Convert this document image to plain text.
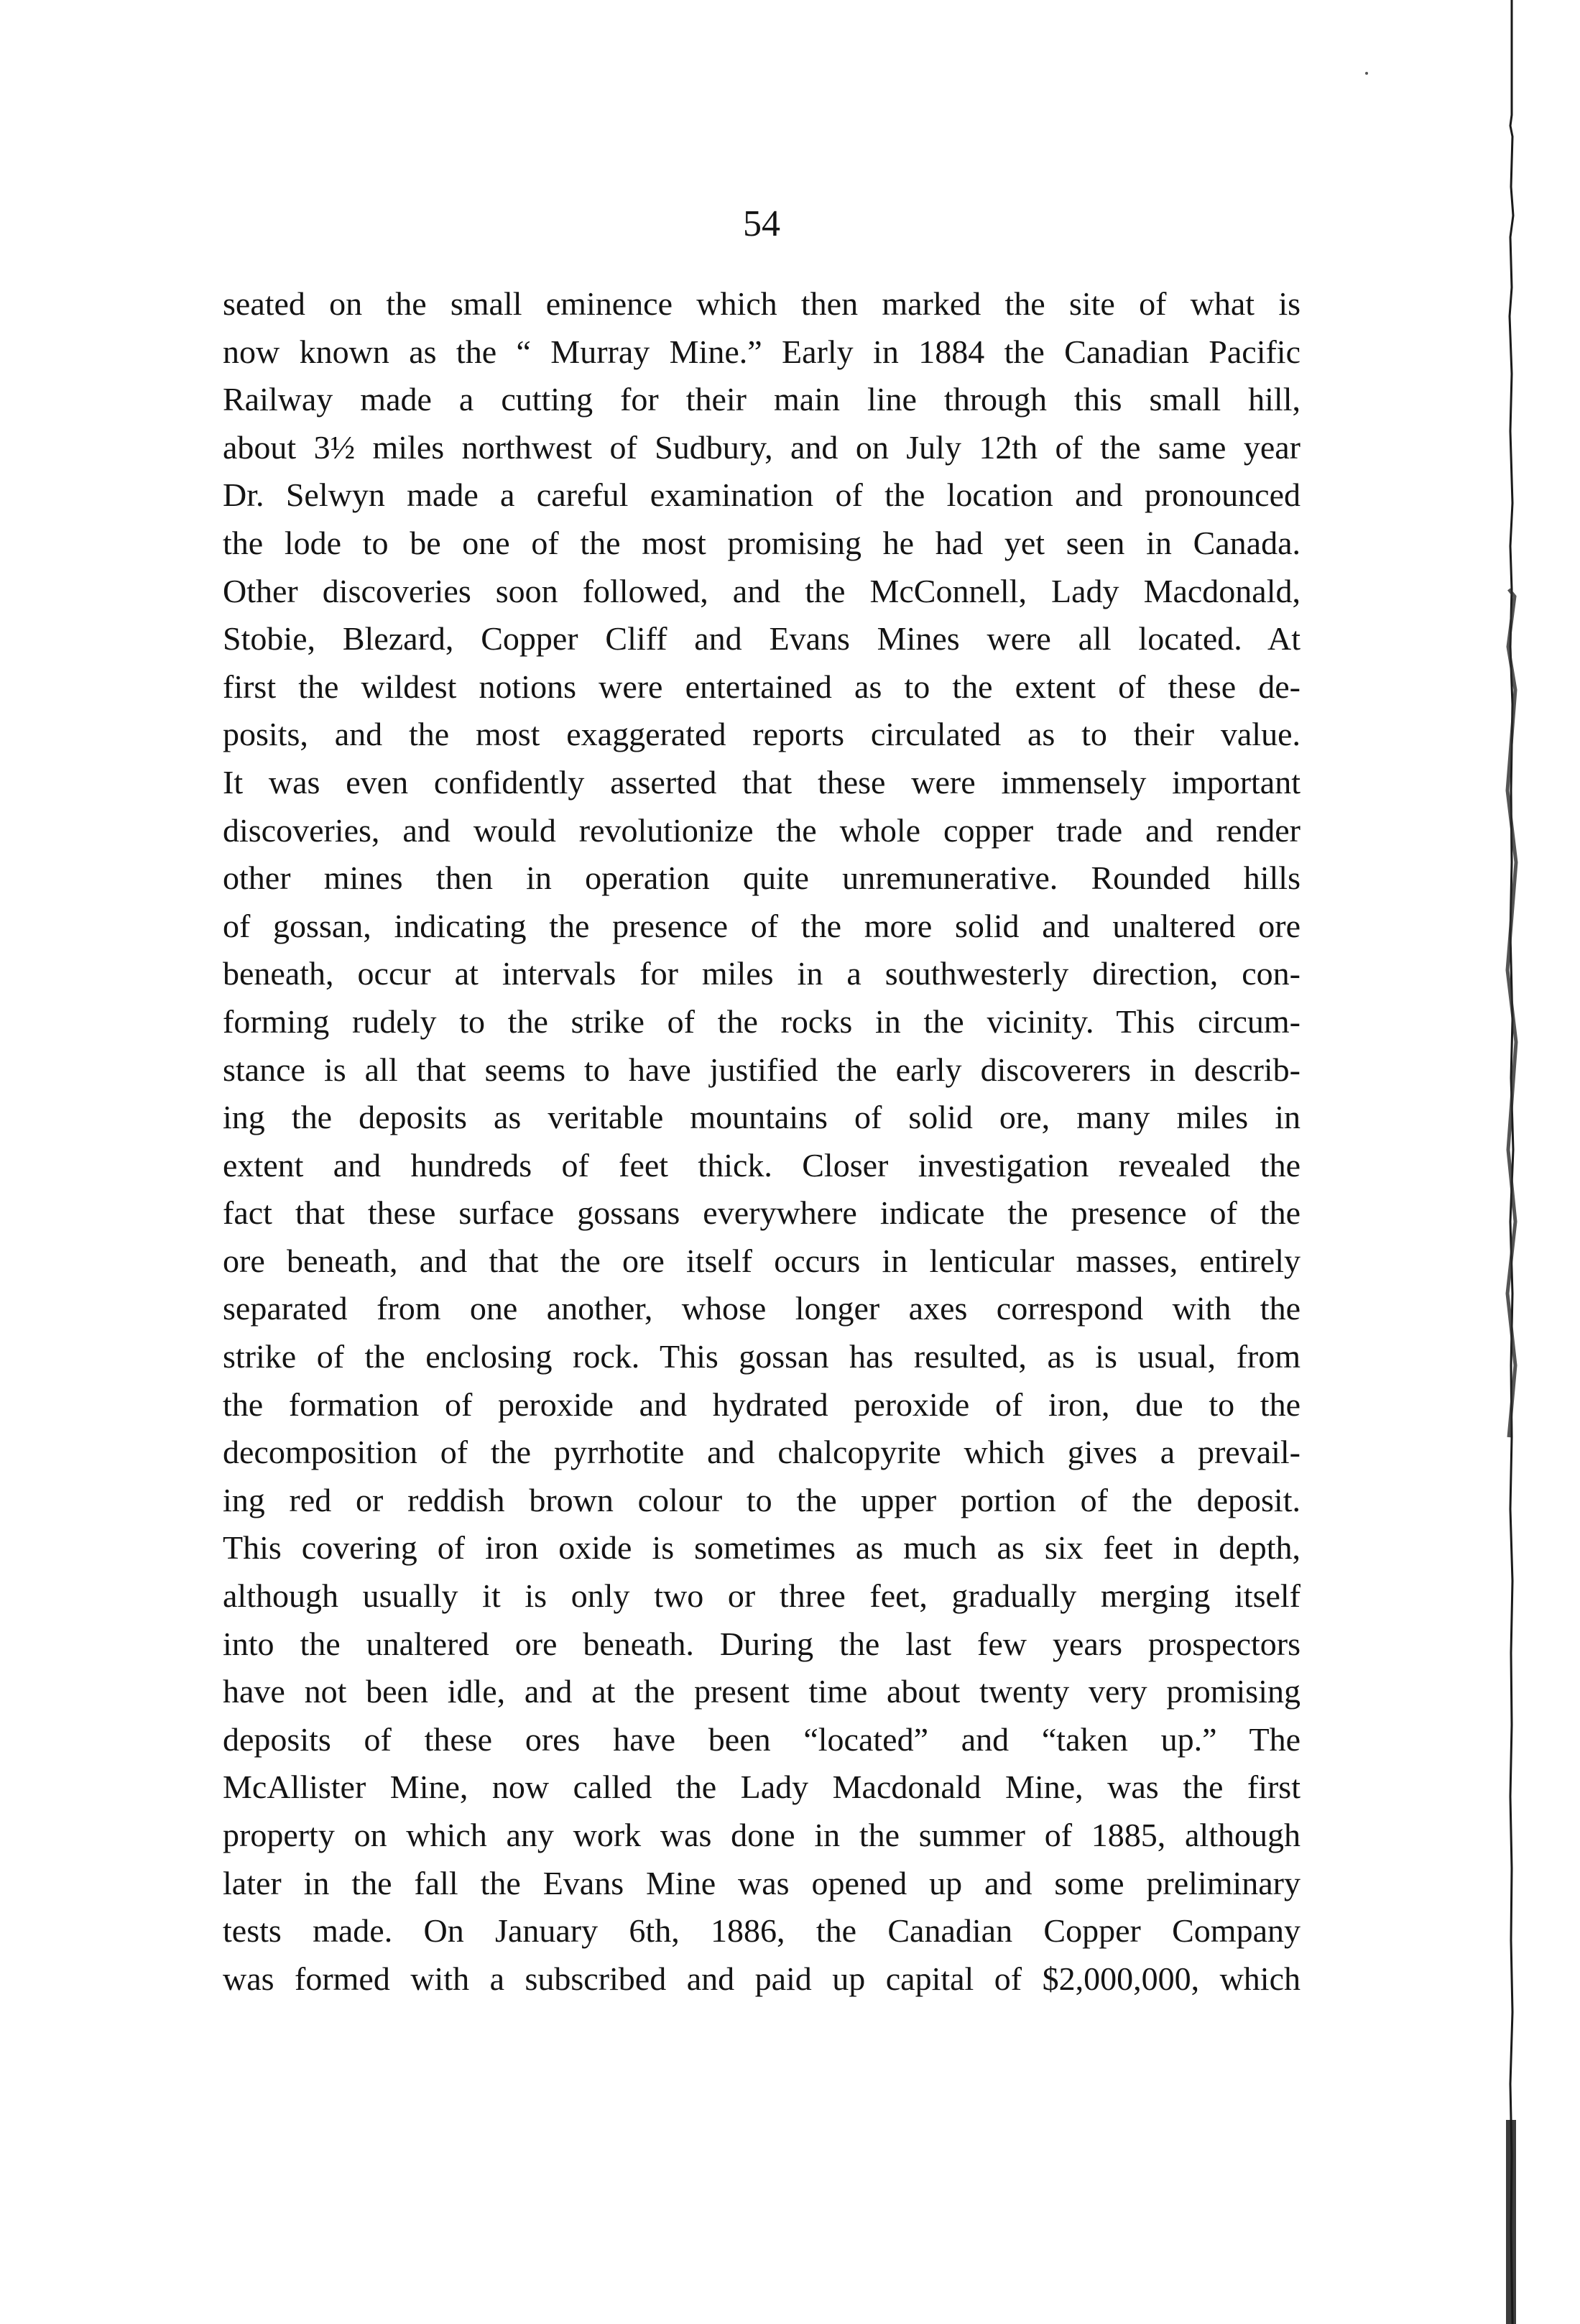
54
seated on the small eminence which then marked the site of what is
now known as the “ Murray Mine.” Early in 1884 the Canadian Pacific
Railway made a cutting for their main line through this small hill,
about 3½ miles northwest of Sudbury, and on July 12th of the same year
Dr. Selwyn made a careful examination of the location and pronounced
the lode to be one of the most promising he had yet seen in Canada.
Other discoveries soon followed, and the McConnell, Lady Macdonald,
Stobie, Blezard, Copper Cliff and Evans Mines were all located. At
first the wildest notions were entertained as to the extent of these de-
posits, and the most exaggerated reports circulated as to their value.
It was even confidently asserted that these were immensely important
discoveries, and would revolutionize the whole copper trade and render
other mines then in operation quite unremunerative. Rounded hills
of gossan, indicating the presence of the more solid and unaltered ore
beneath, occur at intervals for miles in a southwesterly direction, con-
forming rudely to the strike of the rocks in the vicinity. This circum-
stance is all that seems to have justified the early discoverers in describ-
ing the deposits as veritable mountains of solid ore, many miles in
extent and hundreds of feet thick. Closer investigation revealed the
fact that these surface gossans everywhere indicate the presence of the
ore beneath, and that the ore itself occurs in lenticular masses, entirely
separated from one another, whose longer axes correspond with the
strike of the enclosing rock. This gossan has resulted, as is usual, from
the formation of peroxide and hydrated peroxide of iron, due to the
decomposition of the pyrrhotite and chalcopyrite which gives a prevail-
ing red or reddish brown colour to the upper portion of the deposit.
This covering of iron oxide is sometimes as much as six feet in depth,
although usually it is only two or three feet, gradually merging itself
into the unaltered ore beneath. During the last few years prospectors
have not been idle, and at the present time about twenty very promising
deposits of these ores have been “located” and “taken up.” The
McAllister Mine, now called the Lady Macdonald Mine, was the first
property on which any work was done in the summer of 1885, although
later in the fall the Evans Mine was opened up and some preliminary
tests made. On January 6th, 1886, the Canadian Copper Company
was formed with a subscribed and paid up capital of $2,000,000, which
